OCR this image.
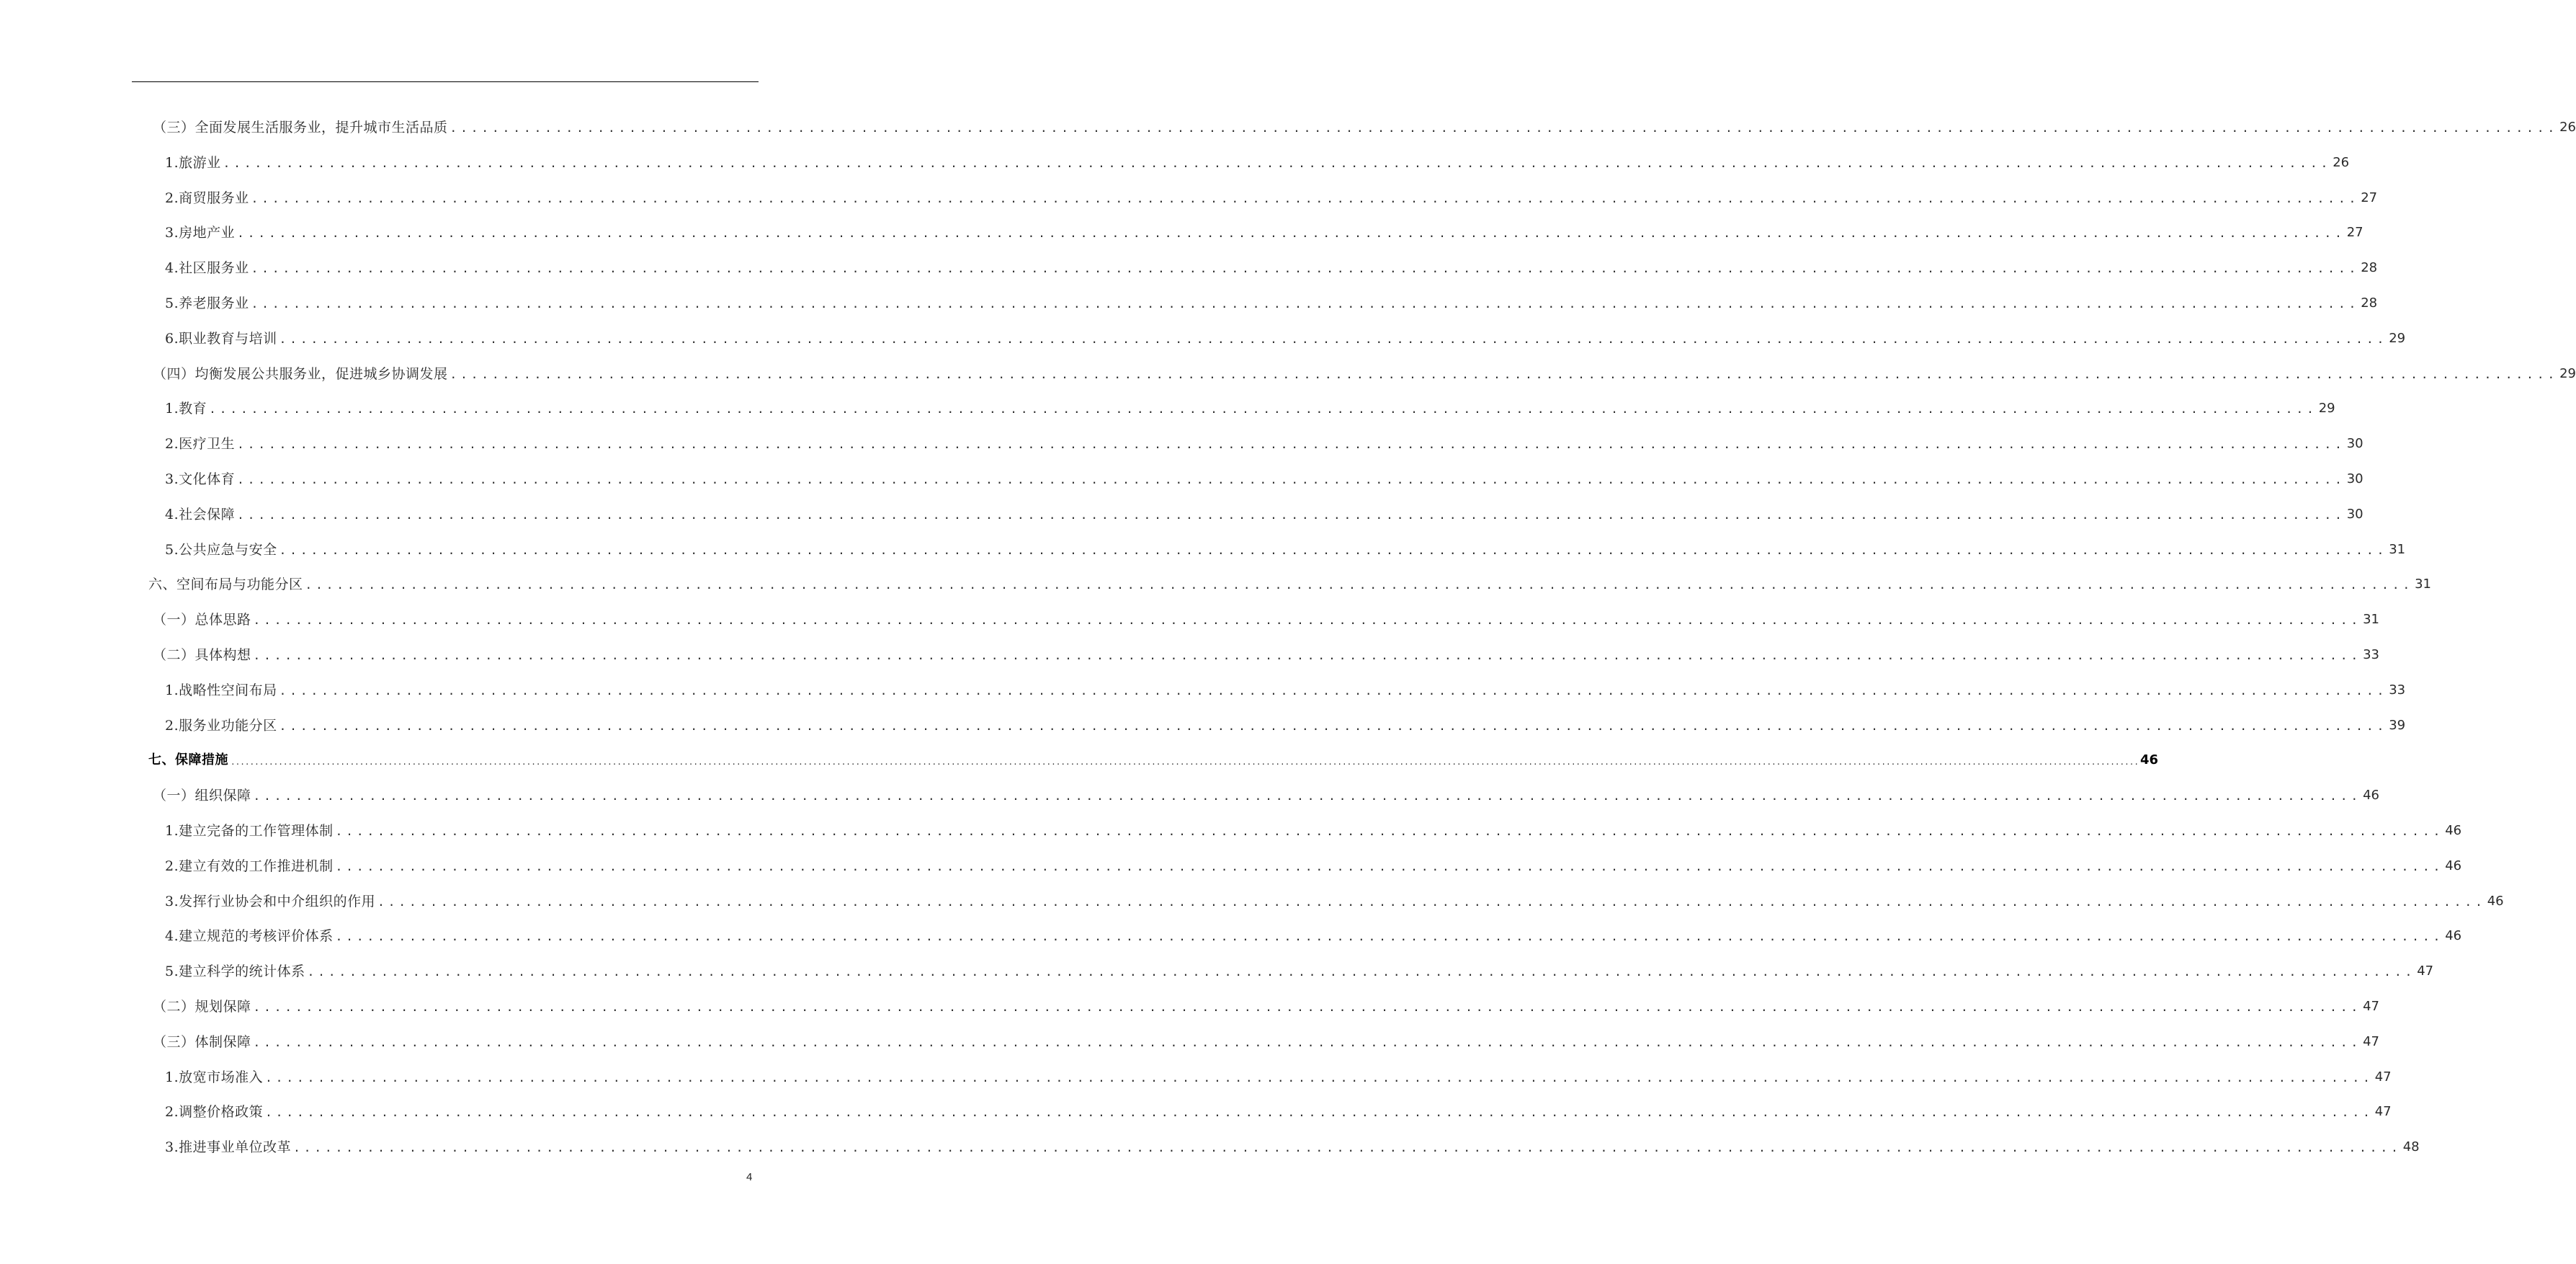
（三）全面发展生活服务业，提升城市生活品质 ........................................................................................................................................................................................................ 26
1.旅游业 ........................................................................................................................................................................................................ 26
2.商贸服务业 ........................................................................................................................................................................................................ 27
3.房地产业 ........................................................................................................................................................................................................ 27
4.社区服务业 ........................................................................................................................................................................................................ 28
5.养老服务业 ........................................................................................................................................................................................................ 28
6.职业教育与培训 ........................................................................................................................................................................................................ 29
（四）均衡发展公共服务业，促进城乡协调发展 ........................................................................................................................................................................................................ 29
1.教育 ........................................................................................................................................................................................................ 29
2.医疗卫生 ........................................................................................................................................................................................................ 30
3.文化体育 ........................................................................................................................................................................................................ 30
4.社会保障 ........................................................................................................................................................................................................ 30
5.公共应急与安全 ........................................................................................................................................................................................................ 31
六、空间布局与功能分区 ........................................................................................................................................................................................................ 31
（一）总体思路 ........................................................................................................................................................................................................ 31
（二）具体构想 ........................................................................................................................................................................................................ 33
1.战略性空间布局 ........................................................................................................................................................................................................ 33
2.服务业功能分区 ........................................................................................................................................................................................................ 39
七、保障措施 ................................................................................................................................................................................................................................................................................................................................................................................................................ 46
（一）组织保障 ........................................................................................................................................................................................................ 46
1.建立完备的工作管理体制 ........................................................................................................................................................................................................ 46
2.建立有效的工作推进机制 ........................................................................................................................................................................................................ 46
3.发挥行业协会和中介组织的作用 ........................................................................................................................................................................................................ 46
4.建立规范的考核评价体系 ........................................................................................................................................................................................................ 46
5.建立科学的统计体系 ........................................................................................................................................................................................................ 47
（二）规划保障 ........................................................................................................................................................................................................ 47
（三）体制保障 ........................................................................................................................................................................................................ 47
1.放宽市场准入 ........................................................................................................................................................................................................ 47
2.调整价格政策 ........................................................................................................................................................................................................ 47
3.推进事业单位改革 ........................................................................................................................................................................................................ 48
4
